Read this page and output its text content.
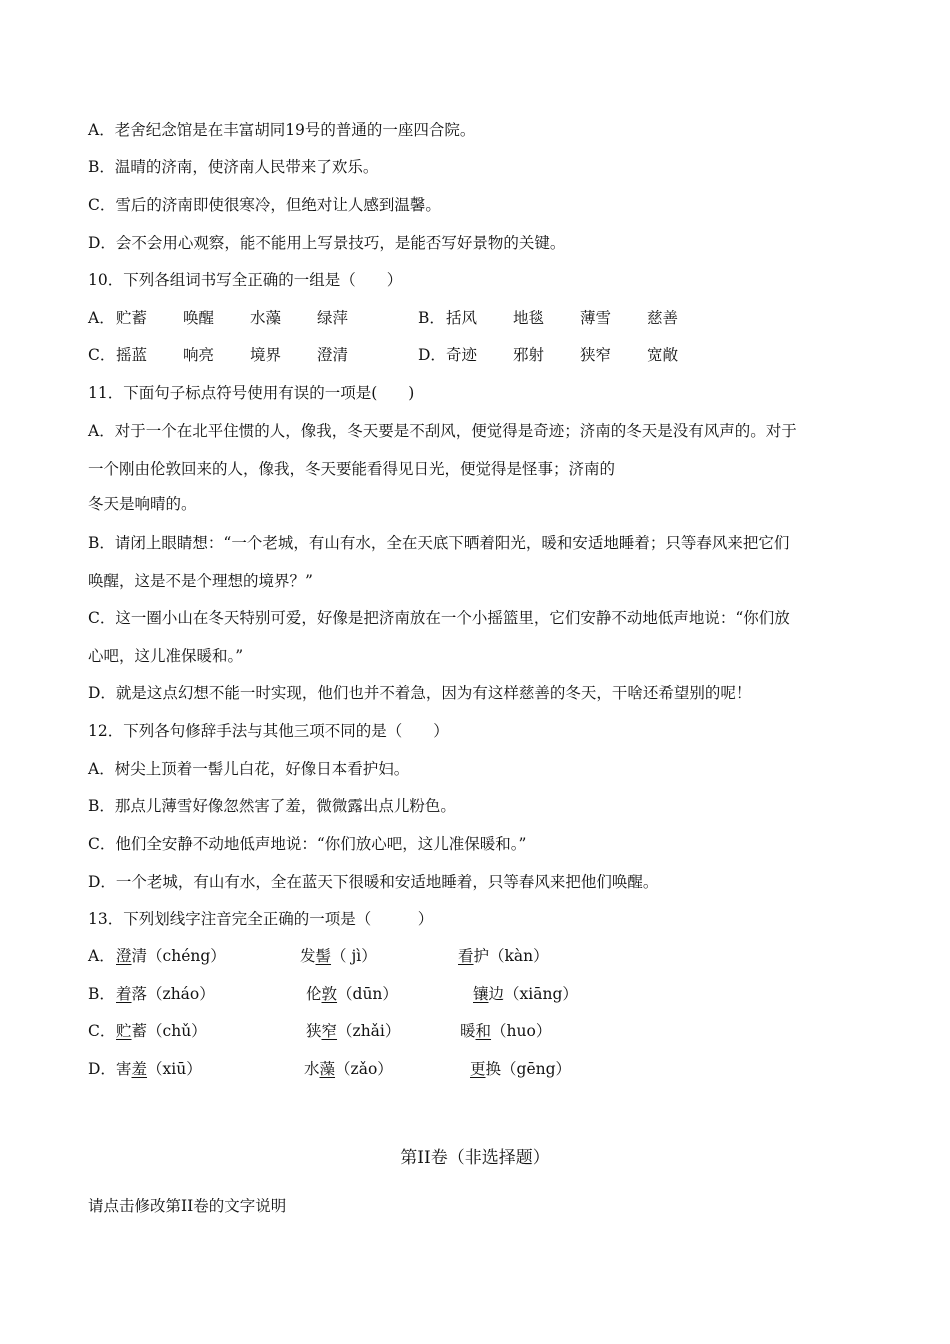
A．老舍纪念馆是在丰富胡同19号的普通的一座四合院。
B．温晴的济南，使济南人民带来了欢乐。
C．雪后的济南即使很寒冷，但绝对让人感到温馨。
D．会不会用心观察，能不能用上写景技巧，是能否写好景物的关键。
10．下列各组词书写全正确的一组是（　　）
A． 贮蓄 唤醒 水藻 绿萍	B． 括风 地毯 薄雪 慈善
C． 摇蓝 响亮 境界 澄清	D． 奇迹 邪射 狭窄 宽敞
11．下面句子标点符号使用有误的一项是(　　)
A．对于一个在北平住惯的人，像我，冬天要是不刮风，便觉得是奇迹；济南的冬天是没有风声的。对于
一个刚由伦敦回来的人，像我，冬天要能看得见日光，便觉得是怪事；济南的
冬天是响晴的。
B．请闭上眼睛想：“一个老城，有山有水，全在天底下晒着阳光，暖和安适地睡着；只等春风来把它们
唤醒，这是不是个理想的境界？”
C．这一圈小山在冬天特别可爱，好像是把济南放在一个小摇篮里，它们安静不动地低声地说：“你们放
心吧，这儿准保暖和。”
D．就是这点幻想不能一时实现，他们也并不着急，因为有这样慈善的冬天，干啥还希望别的呢！
12．下列各句修辞手法与其他三项不同的是（　　）
A．树尖上顶着一髻儿白花，好像日本看护妇。
B．那点儿薄雪好像忽然害了羞，微微露出点儿粉色。
C．他们全安静不动地低声地说：“你们放心吧，这儿准保暖和。”
D．一个老城，有山有水，全在蓝天下很暖和安适地睡着，只等春风来把他们唤醒。
13．下列划线字注音完全正确的一项是（　　　）
A． 澄清（chéng）	发髻（ jì）	看护（kàn）
B． 着落（zháo）	伦敦（dūn）	镶边（xiāng）
C． 贮蓄（chǔ）	狭窄（zhǎi）	暖和（huo）
D． 害羞（xiū）	水藻（zǎo）	更换（gēng）
第II卷（非选择题）
请点击修改第II卷的文字说明
